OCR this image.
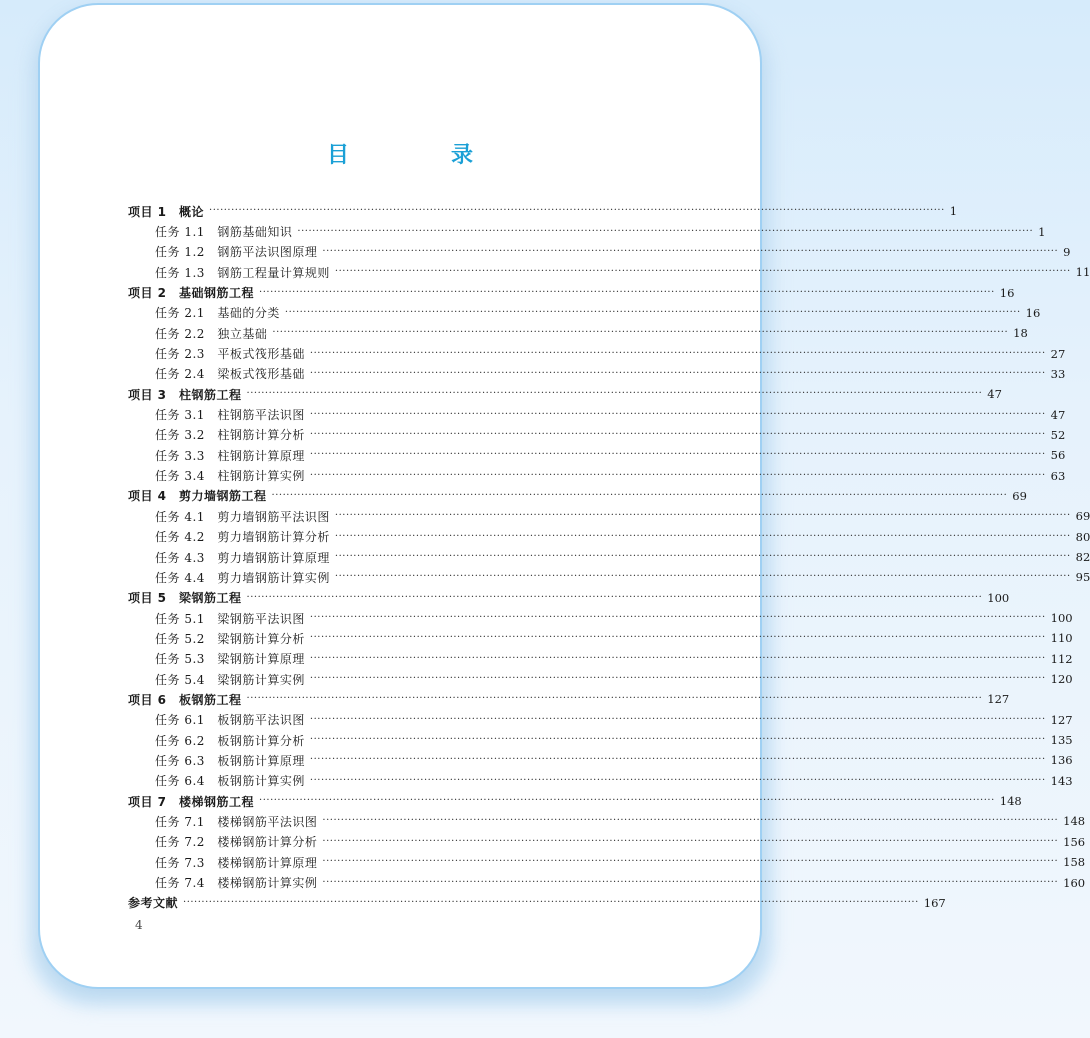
目　录
项目 1　概论 ········································································································································································································ 1
任务 1.1　钢筋基础知识 ········································································································································································································ 1
任务 1.2　钢筋平法识图原理 ········································································································································································································ 9
任务 1.3　钢筋工程量计算规则 ········································································································································································································ 11
项目 2　基础钢筋工程 ········································································································································································································ 16
任务 2.1　基础的分类 ········································································································································································································ 16
任务 2.2　独立基础 ········································································································································································································ 18
任务 2.3　平板式筏形基础 ········································································································································································································ 27
任务 2.4　梁板式筏形基础 ········································································································································································································ 33
项目 3　柱钢筋工程 ········································································································································································································ 47
任务 3.1　柱钢筋平法识图 ········································································································································································································ 47
任务 3.2　柱钢筋计算分析 ········································································································································································································ 52
任务 3.3　柱钢筋计算原理 ········································································································································································································ 56
任务 3.4　柱钢筋计算实例 ········································································································································································································ 63
项目 4　剪力墙钢筋工程 ········································································································································································································ 69
任务 4.1　剪力墙钢筋平法识图 ········································································································································································································ 69
任务 4.2　剪力墙钢筋计算分析 ········································································································································································································ 80
任务 4.3　剪力墙钢筋计算原理 ········································································································································································································ 82
任务 4.4　剪力墙钢筋计算实例 ········································································································································································································ 95
项目 5　梁钢筋工程 ········································································································································································································ 100
任务 5.1　梁钢筋平法识图 ········································································································································································································ 100
任务 5.2　梁钢筋计算分析 ········································································································································································································ 110
任务 5.3　梁钢筋计算原理 ········································································································································································································ 112
任务 5.4　梁钢筋计算实例 ········································································································································································································ 120
项目 6　板钢筋工程 ········································································································································································································ 127
任务 6.1　板钢筋平法识图 ········································································································································································································ 127
任务 6.2　板钢筋计算分析 ········································································································································································································ 135
任务 6.3　板钢筋计算原理 ········································································································································································································ 136
任务 6.4　板钢筋计算实例 ········································································································································································································ 143
项目 7　楼梯钢筋工程 ········································································································································································································ 148
任务 7.1　楼梯钢筋平法识图 ········································································································································································································ 148
任务 7.2　楼梯钢筋计算分析 ········································································································································································································ 156
任务 7.3　楼梯钢筋计算原理 ········································································································································································································ 158
任务 7.4　楼梯钢筋计算实例 ········································································································································································································ 160
参考文献 ········································································································································································································ 167
4
